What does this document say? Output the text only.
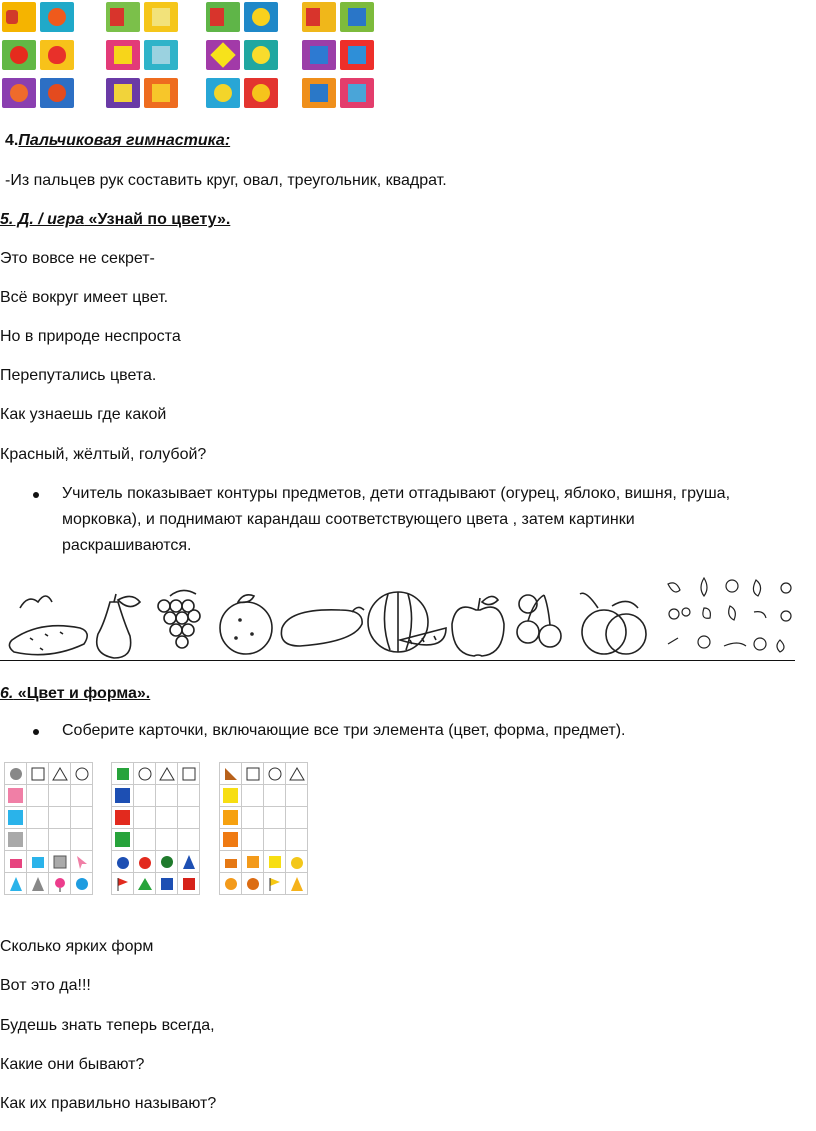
4.Пальчиковая гимнастика:
-Из пальцев рук составить круг, овал, треугольник, квадрат.
5. Д. / игра «Узнай по цвету».
Это вовсе не секрет-
Всё вокруг имеет цвет.
Но в природе неспроста
Перепутались цвета.
Как узнаешь где какой
Красный, жёлтый, голубой?
Учитель показывает контуры предметов, дети отгадывают (огурец, яблоко, вишня, груша,
морковка), и поднимают карандаш соответствующего цвета , затем картинки
раскрашиваются.
6. «Цвет и форма».
Соберите карточки, включающие все три элемента (цвет, форма, предмет).

Сколько ярких форм
Вот это да!!!
Будешь знать теперь всегда,
Какие они бывают?
Как их правильно называют?
